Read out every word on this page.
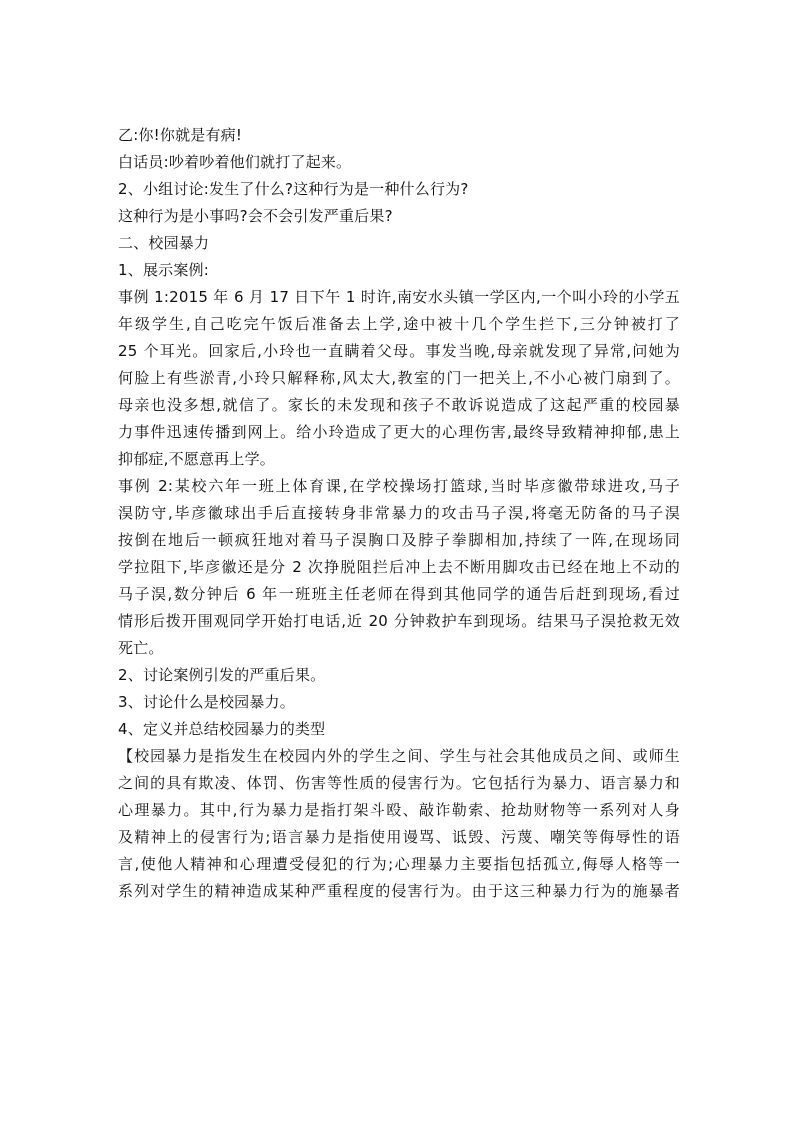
乙:你!你就是有病!
白话员:吵着吵着他们就打了起来。
2、小组讨论:发生了什么?这种行为是一种什么行为?
这种行为是小事吗?会不会引发严重后果?
二、校园暴力
1、展示案例:
事例 1:2015 年 6 月 17 日下午 1 时许,南安水头镇一学区内,一个叫小玲的小学五
年级学生,自己吃完午饭后准备去上学,途中被十几个学生拦下,三分钟被打了
25 个耳光。回家后,小玲也一直瞒着父母。事发当晚,母亲就发现了异常,问她为
何脸上有些淤青,小玲只解释称,风太大,教室的门一把关上,不小心被门扇到了。
母亲也没多想,就信了。家长的未发现和孩子不敢诉说造成了这起严重的校园暴
力事件迅速传播到网上。给小玲造成了更大的心理伤害,最终导致精神抑郁,患上
抑郁症,不愿意再上学。
事例 2:某校六年一班上体育课,在学校操场打篮球,当时毕彦徽带球进攻,马子
淏防守,毕彦徽球出手后直接转身非常暴力的攻击马子淏,将毫无防备的马子淏
按倒在地后一顿疯狂地对着马子淏胸口及脖子拳脚相加,持续了一阵,在现场同
学拉阻下,毕彦徽还是分 2 次挣脱阻拦后冲上去不断用脚攻击已经在地上不动的
马子淏,数分钟后 6 年一班班主任老师在得到其他同学的通告后赶到现场,看过
情形后拨开围观同学开始打电话,近 20 分钟救护车到现场。结果马子淏抢救无效
死亡。
2、讨论案例引发的严重后果。
3、讨论什么是校园暴力。
4、定义并总结校园暴力的类型
【校园暴力是指发生在校园内外的学生之间、学生与社会其他成员之间、或师生
之间的具有欺凌、体罚、伤害等性质的侵害行为。它包括行为暴力、语言暴力和
心理暴力。其中,行为暴力是指打架斗殴、敲诈勒索、抢劫财物等一系列对人身
及精神上的侵害行为;语言暴力是指使用谩骂、诋毁、污蔑、嘲笑等侮辱性的语
言,使他人精神和心理遭受侵犯的行为;心理暴力主要指包括孤立,侮辱人格等一
系列对学生的精神造成某种严重程度的侵害行为。由于这三种暴力行为的施暴者
